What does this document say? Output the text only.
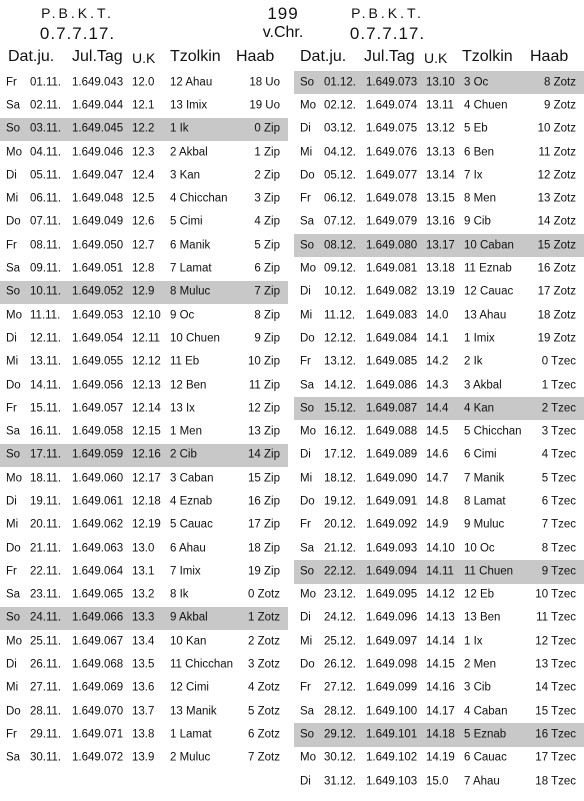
P.B.K.T.
0.7.7.17.
199
v.Chr.
P.B.K.T.
0.7.7.17.
Dat.ju. Jul.Tag U.K Tzolkin Haab Dat.ju. Jul.Tag U.K Tzolkin Haab
Fr 01.11. 1.649.043 12.0 12 Ahau	18 Uo
Sa 02.11. 1.649.044 12.1 13 Imix	19 Uo
So 03.11. 1.649.045 12.2 1 Ik	0 Zip
Mo 04.11. 1.649.046 12.3 2 Akbal	1 Zip
Di 05.11. 1.649.047 12.4 3 Kan	2 Zip
Mi 06.11. 1.649.048 12.5 4 Chicchan 3 Zip
Do 07.11. 1.649.049 12.6 5 Cimi	4 Zip
Fr 08.11. 1.649.050 12.7 6 Manik	5 Zip
Sa 09.11. 1.649.051 12.8 7 Lamat	6 Zip
So 10.11. 1.649.052 12.9 8 Muluc	7 Zip
Mo 11.11. 1.649.053 12.10 9 Oc	8 Zip
Di 12.11. 1.649.054 12.11 10 Chuen	9 Zip
Mi 13.11. 1.649.055 12.12 11 Eb	10 Zip
Do 14.11. 1.649.056 12.13 12 Ben	11 Zip
Fr 15.11. 1.649.057 12.14 13 Ix	12 Zip
Sa 16.11. 1.649.058 12.15 1 Men	13 Zip
So 17.11. 1.649.059 12.16 2 Cib	14 Zip
Mo 18.11. 1.649.060 12.17 3 Caban	15 Zip
Di 19.11. 1.649.061 12.18 4 Eznab	16 Zip
Mi 20.11. 1.649.062 12.19 5 Cauac	17 Zip
Do 21.11. 1.649.063 13.0 6 Ahau	18 Zip
Fr 22.11. 1.649.064 13.1 7 Imix	19 Zip
Sa 23.11. 1.649.065 13.2 8 Ik	0 Zotz
So 24.11. 1.649.066 13.3 9 Akbal	1 Zotz
Mo 25.11. 1.649.067 13.4 10 Kan	2 Zotz
Di 26.11. 1.649.068 13.5 11 Chicchan 3 Zotz
Mi 27.11. 1.649.069 13.6 12 Cimi	4 Zotz
Do 28.11. 1.649.070 13.7 13 Manik	5 Zotz
Fr 29.11. 1.649.071 13.8 1 Lamat	6 Zotz
Sa 30.11. 1.649.072 13.9 2 Muluc	7 Zotz
So 01.12. 1.649.073 13.10 3 Oc	8 Zotz
Mo 02.12. 1.649.074 13.11 4 Chuen	9 Zotz
Di 03.12. 1.649.075 13.12 5 Eb	10 Zotz
Mi 04.12. 1.649.076 13.13 6 Ben	11 Zotz
Do 05.12. 1.649.077 13.14 7 Ix	12 Zotz
Fr 06.12. 1.649.078 13.15 8 Men	13 Zotz
Sa 07.12. 1.649.079 13.16 9 Cib	14 Zotz
So 08.12. 1.649.080 13.17 10 Caban 15 Zotz
Mo 09.12. 1.649.081 13.18 11 Eznab 16 Zotz
Di 10.12. 1.649.082 13.19 12 Cauac 17 Zotz
Mi 11.12. 1.649.083 14.0 13 Ahau	18 Zotz
Do 12.12. 1.649.084 14.1 1 Imix	19 Zotz
Fr 13.12. 1.649.085 14.2 2 Ik	0 Tzec
Sa 14.12. 1.649.086 14.3 3 Akbal	1 Tzec
So 15.12. 1.649.087 14.4 4 Kan	2 Tzec
Mo 16.12. 1.649.088 14.5 5 Chicchan 3 Tzec
Di 17.12. 1.649.089 14.6 6 Cimi	4 Tzec
Mi 18.12. 1.649.090 14.7 7 Manik	5 Tzec
Do 19.12. 1.649.091 14.8 8 Lamat	6 Tzec
Fr 20.12. 1.649.092 14.9 9 Muluc	7 Tzec
Sa 21.12. 1.649.093 14.10 10 Oc	8 Tzec
So 22.12. 1.649.094 14.11 11 Chuen 9 Tzec
Mo 23.12. 1.649.095 14.12 12 Eb	10 Tzec
Di 24.12. 1.649.096 14.13 13 Ben	11 Tzec
Mi 25.12. 1.649.097 14.14 1 Ix	12 Tzec
Do 26.12. 1.649.098 14.15 2 Men	13 Tzec
Fr 27.12. 1.649.099 14.16 3 Cib	14 Tzec
Sa 28.12. 1.649.100 14.17 4 Caban 15 Tzec
So 29.12. 1.649.101 14.18 5 Eznab	16 Tzec
Mo 30.12. 1.649.102 14.19 6 Cauac 17 Tzec
Di 31.12. 1.649.103 15.0 7 Ahau	18 Tzec
